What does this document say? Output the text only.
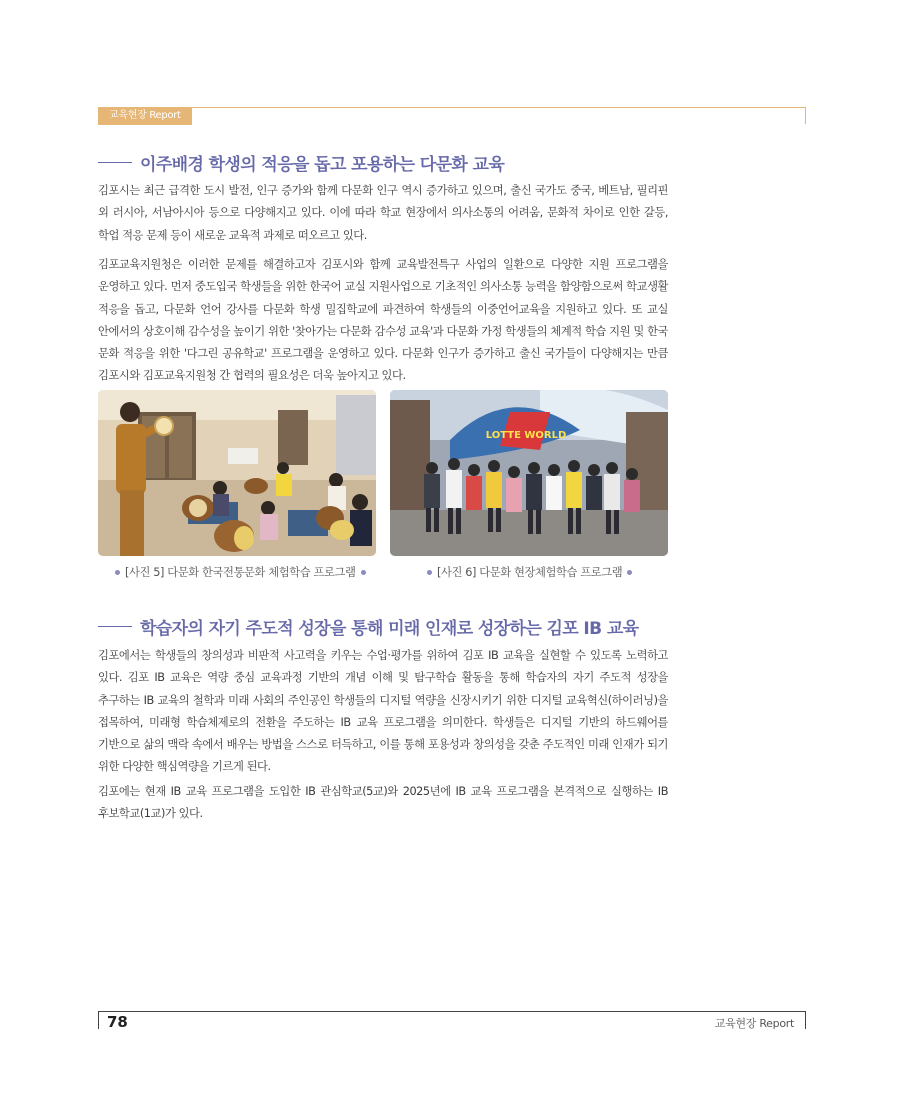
교육현장 Report
이주배경 학생의 적응을 돕고 포용하는 다문화 교육

김포시는 최근 급격한 도시 발전, 인구 증가와 함께 다문화 인구 역시 증가하고 있으며, 출신 국가도 중국, 베트남, 필리핀 외 러시아, 서남아시아 등으로 다양해지고 있다. 이에 따라 학교 현장에서 의사소통의 어려움, 문화적 차이로 인한 갈등, 학업 적응 문제 등이 새로운 교육적 과제로 떠오르고 있다.

김포교육지원청은 이러한 문제를 해결하고자 김포시와 함께 교육발전특구 사업의 일환으로 다양한 지원 프로그램을 운영하고 있다. 먼저 중도입국 학생들을 위한 한국어 교실 지원사업으로 기초적인 의사소통 능력을 함양함으로써 학교생활 적응을 돕고, 다문화 언어 강사를 다문화 학생 밀집학교에 파견하여 학생들의 이중언어교육을 지원하고 있다. 또 교실 안에서의 상호이해 감수성을 높이기 위한 '찾아가는 다문화 감수성 교육'과 다문화 가정 학생들의 체계적 학습 지원 및 한국 문화 적응을 위한 '다그린 공유학교' 프로그램을 운영하고 있다. 다문화 인구가 증가하고 출신 국가들이 다양해지는 만큼 김포시와 김포교육지원청 간 협력의 필요성은 더욱 높아지고 있다.

LOTTE WORLD
[사진 5] 다문화 한국전통문화 체험학습 프로그램	[사진 6] 다문화 현장체험학습 프로그램
학습자의 자기 주도적 성장을 통해 미래 인재로 성장하는 김포 IB 교육

김포에서는 학생들의 창의성과 비판적 사고력을 키우는 수업·평가를 위하여 김포 IB 교육을 실현할 수 있도록 노력하고 있다. 김포 IB 교육은 역량 중심 교육과정 기반의 개념 이해 및 탐구학습 활동을 통해 학습자의 자기 주도적 성장을 추구하는 IB 교육의 철학과 미래 사회의 주인공인 학생들의 디지털 역량을 신장시키기 위한 디지털 교육혁신(하이러닝)을 접목하여, 미래형 학습체제로의 전환을 주도하는 IB 교육 프로그램을 의미한다. 학생들은 디지털 기반의 하드웨어를 기반으로 삶의 맥락 속에서 배우는 방법을 스스로 터득하고, 이를 통해 포용성과 창의성을 갖춘 주도적인 미래 인재가 되기 위한 다양한 핵심역량을 기르게 된다.

김포에는 현재 IB 교육 프로그램을 도입한 IB 관심학교(5교)와 2025년에 IB 교육 프로그램을 본격적으로 실행하는 IB 후보학교(1교)가 있다.

78	교육현장 Report
